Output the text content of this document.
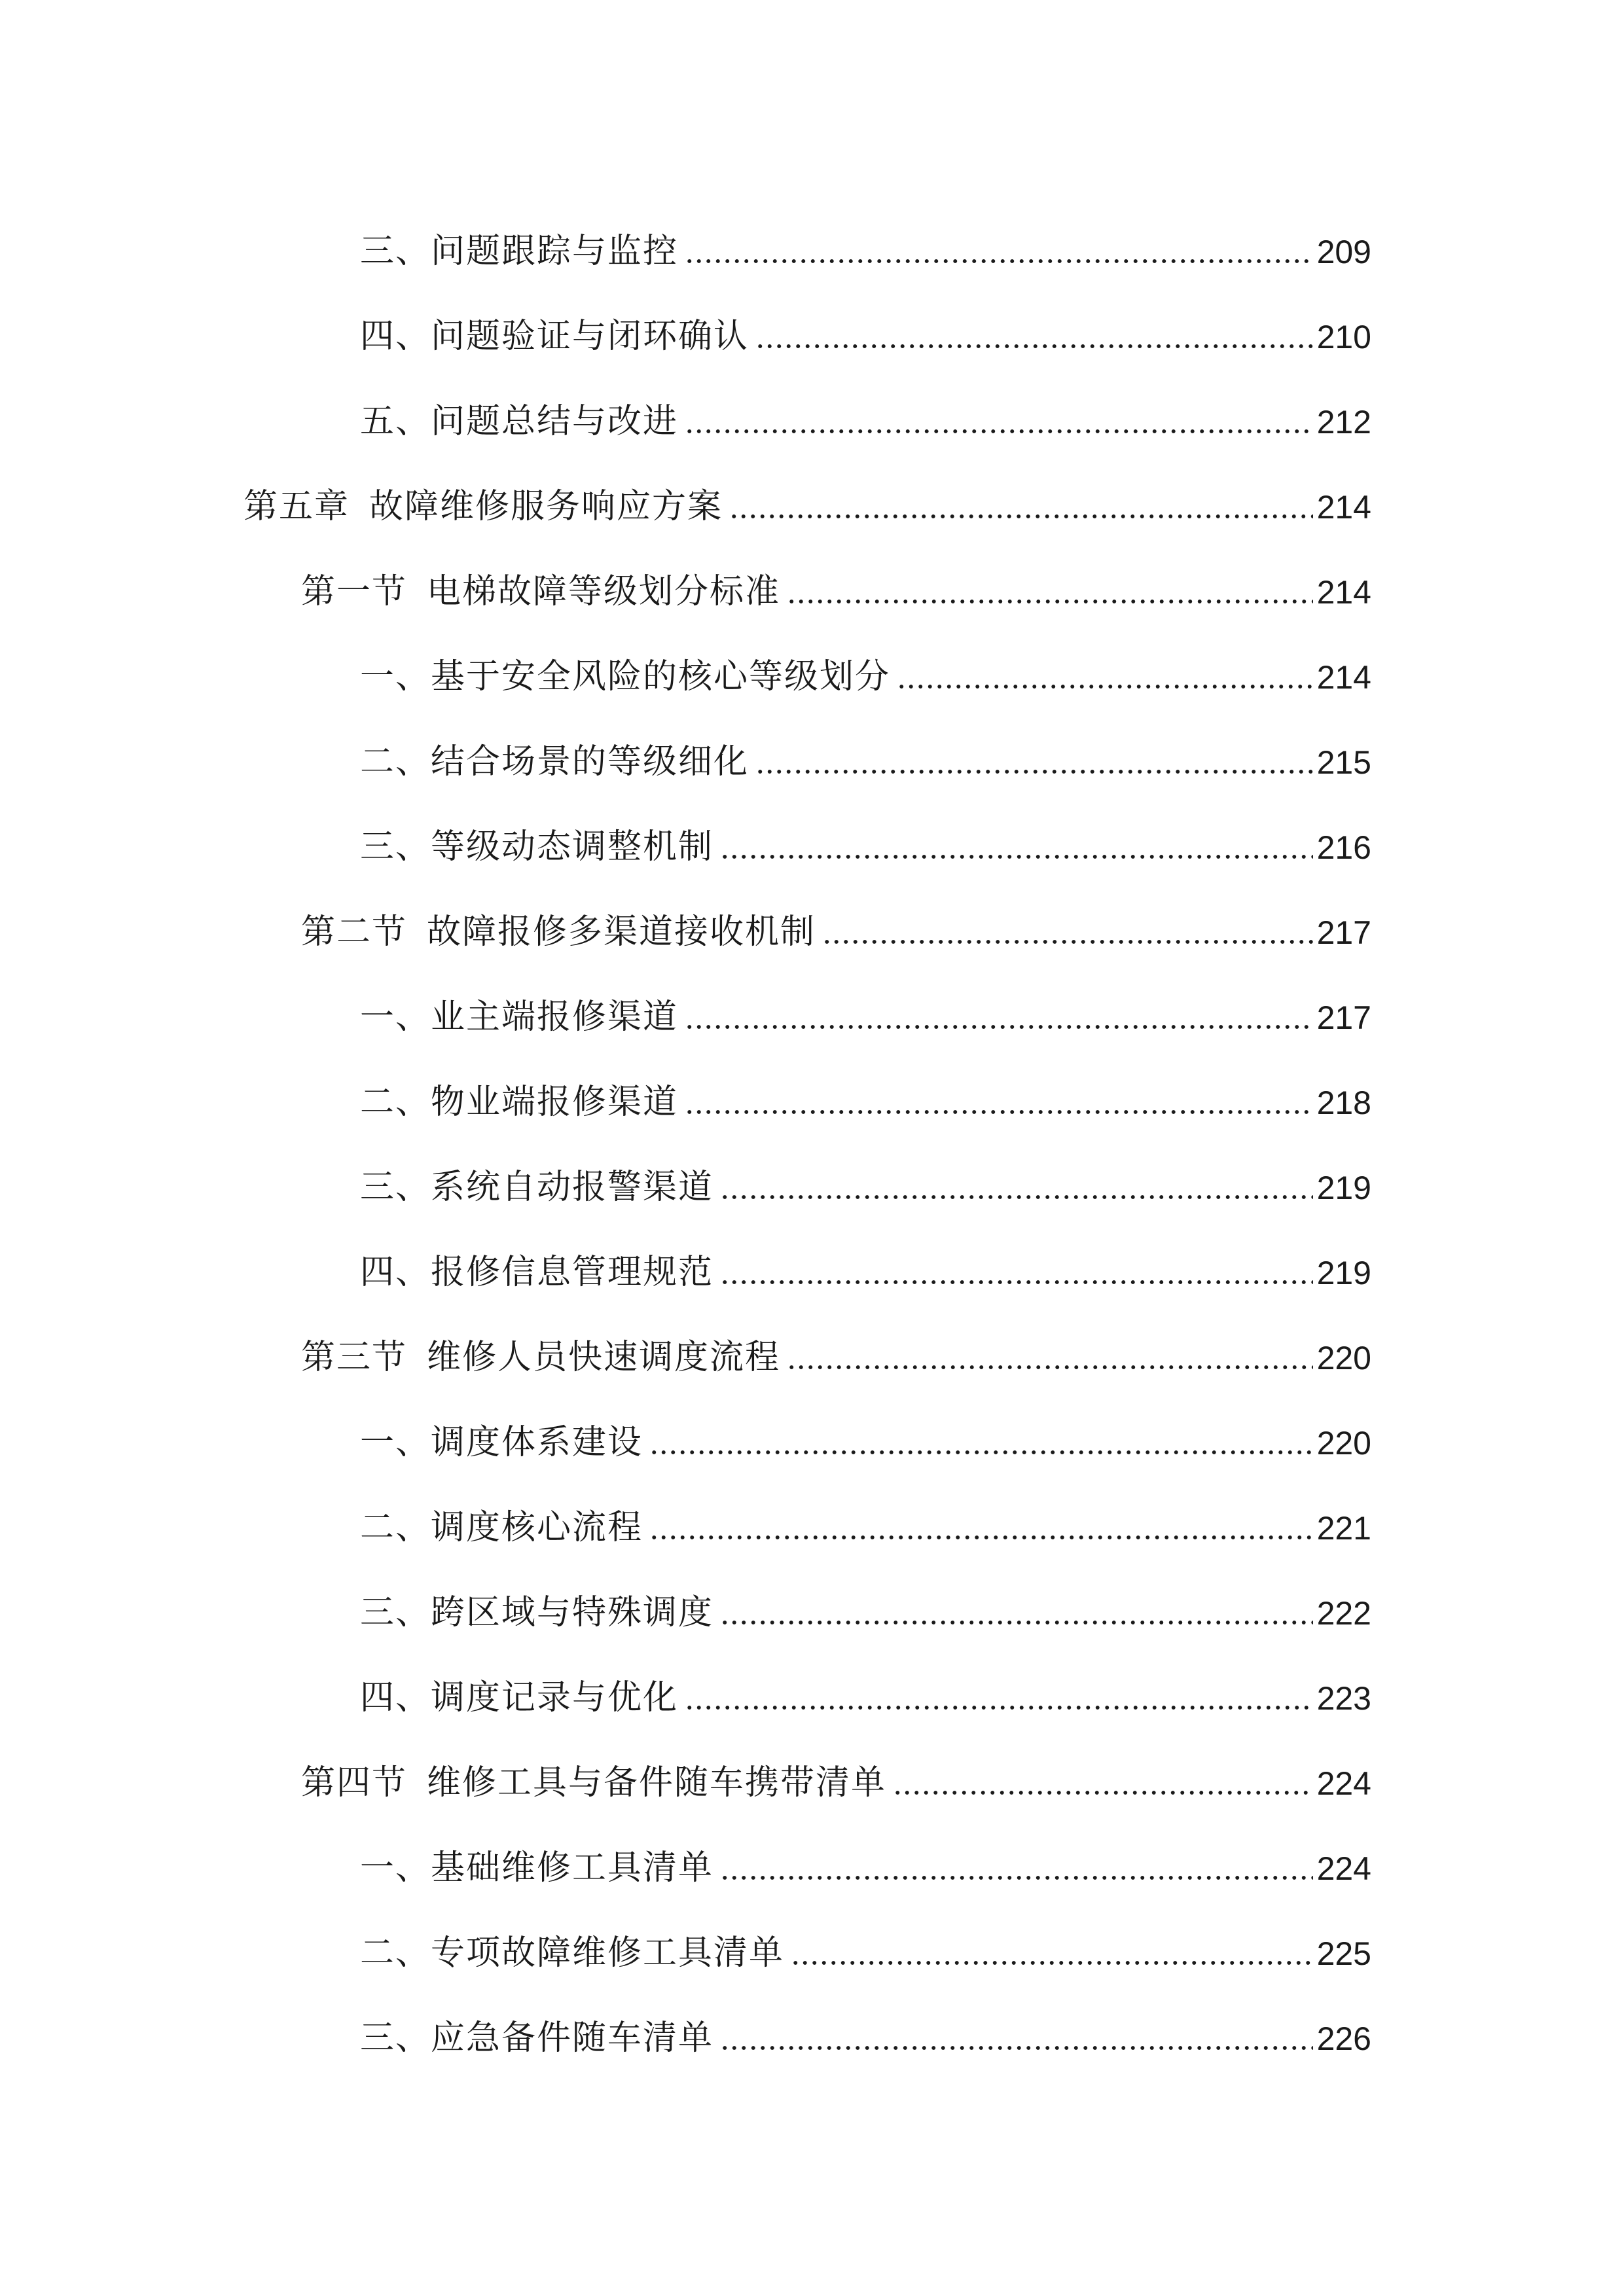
三、问题跟踪与监控	209
四、问题验证与闭环确认	210
五、问题总结与改进	212
第五章 故障维修服务响应方案	214
第一节 电梯故障等级划分标准	214
一、基于安全风险的核心等级划分	214
二、结合场景的等级细化	215
三、等级动态调整机制	216
第二节 故障报修多渠道接收机制	217
一、业主端报修渠道	217
二、物业端报修渠道	218
三、系统自动报警渠道	219
四、报修信息管理规范	219
第三节 维修人员快速调度流程	220
一、调度体系建设	220
二、调度核心流程	221
三、跨区域与特殊调度	222
四、调度记录与优化	223
第四节 维修工具与备件随车携带清单	224
一、基础维修工具清单	224
二、专项故障维修工具清单	225
三、应急备件随车清单	226
